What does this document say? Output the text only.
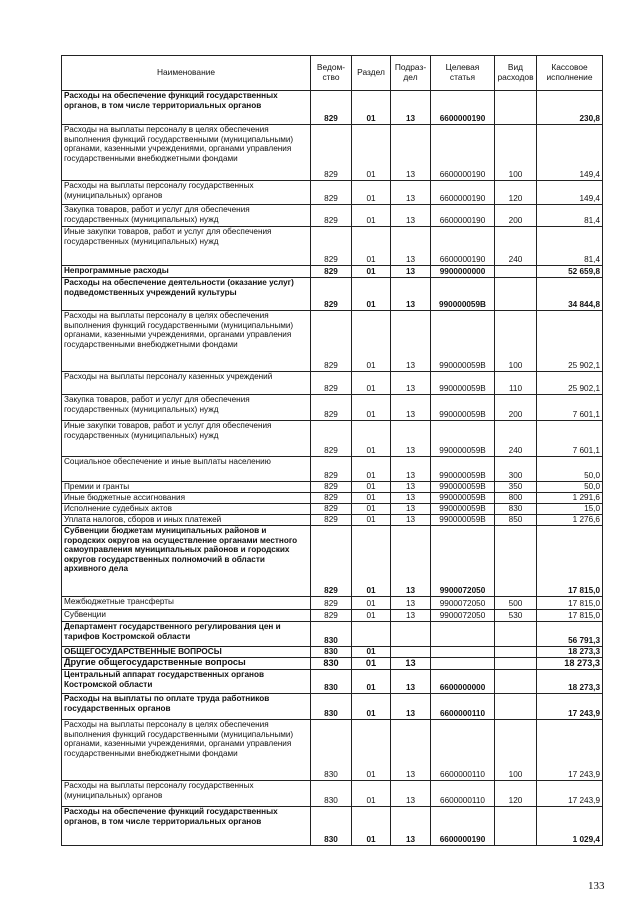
Наименование	Ведом-ство	Раздел	Подраз-дел	Целевая статья	Вид расходов	Кассовое исполнение
Расходы на обеспечение функций государственных органов, в том числе территориальных органов	829	01	13	6600000190		230,8
Расходы на выплаты персоналу в целях обеспечения выполнения функций государственными (муниципальными) органами, казенными учреждениями, органами управления государственными внебюджетными фондами	829	01	13	6600000190	100	149,4
Расходы на выплаты персоналу государственных (муниципальных) органов	829	01	13	6600000190	120	149,4
Закупка товаров, работ и услуг для обеспечения государственных (муниципальных) нужд	829	01	13	6600000190	200	81,4
Иные закупки товаров, работ и услуг для обеспечения государственных (муниципальных) нужд	829	01	13	6600000190	240	81,4
Непрограммные расходы	829	01	13	9900000000		52 659,8
Расходы на обеспечение деятельности (оказание услуг) подведомственных учреждений культуры	829	01	13	990000059В		34 844,8
Расходы на выплаты персоналу в целях обеспечения выполнения функций государственными (муниципальными) органами, казенными учреждениями, органами управления государственными внебюджетными фондами	829	01	13	990000059В	100	25 902,1
Расходы на выплаты персоналу казенных учреждений	829	01	13	990000059В	110	25 902,1
Закупка товаров, работ и услуг для обеспечения государственных (муниципальных) нужд	829	01	13	990000059В	200	7 601,1
Иные закупки товаров, работ и услуг для обеспечения государственных (муниципальных) нужд	829	01	13	990000059В	240	7 601,1
Социальное обеспечение и иные выплаты населению	829	01	13	990000059В	300	50,0
Премии и гранты	829	01	13	990000059В	350	50,0
Иные бюджетные ассигнования	829	01	13	990000059В	800	1 291,6
Исполнение судебных актов	829	01	13	990000059В	830	15,0
Уплата налогов, сборов и иных платежей	829	01	13	990000059В	850	1 276,6
Субвенции бюджетам муниципальных районов и городских округов на осуществление органами местного самоуправления муниципальных районов и городских округов государственных полномочий в области архивного дела	829	01	13	9900072050		17 815,0
Межбюджетные трансферты	829	01	13	9900072050	500	17 815,0
Субвенции	829	01	13	9900072050	530	17 815,0
Департамент государственного регулирования цен и тарифов Костромской области	830					56 791,3
ОБЩЕГОСУДАРСТВЕННЫЕ ВОПРОСЫ	830	01				18 273,3
Другие общегосударственные вопросы	830	01	13			18 273,3
Центральный аппарат государственных органов Костромской области	830	01	13	6600000000		18 273,3
Расходы на выплаты по оплате труда работников государственных органов	830	01	13	6600000110		17 243,9
Расходы на выплаты персоналу в целях обеспечения выполнения функций государственными (муниципальными) органами, казенными учреждениями, органами управления государственными внебюджетными фондами	830	01	13	6600000110	100	17 243,9
Расходы на выплаты персоналу государственных (муниципальных) органов	830	01	13	6600000110	120	17 243,9
Расходы на обеспечение функций государственных органов, в том числе территориальных органов	830	01	13	6600000190		1 029,4
133
